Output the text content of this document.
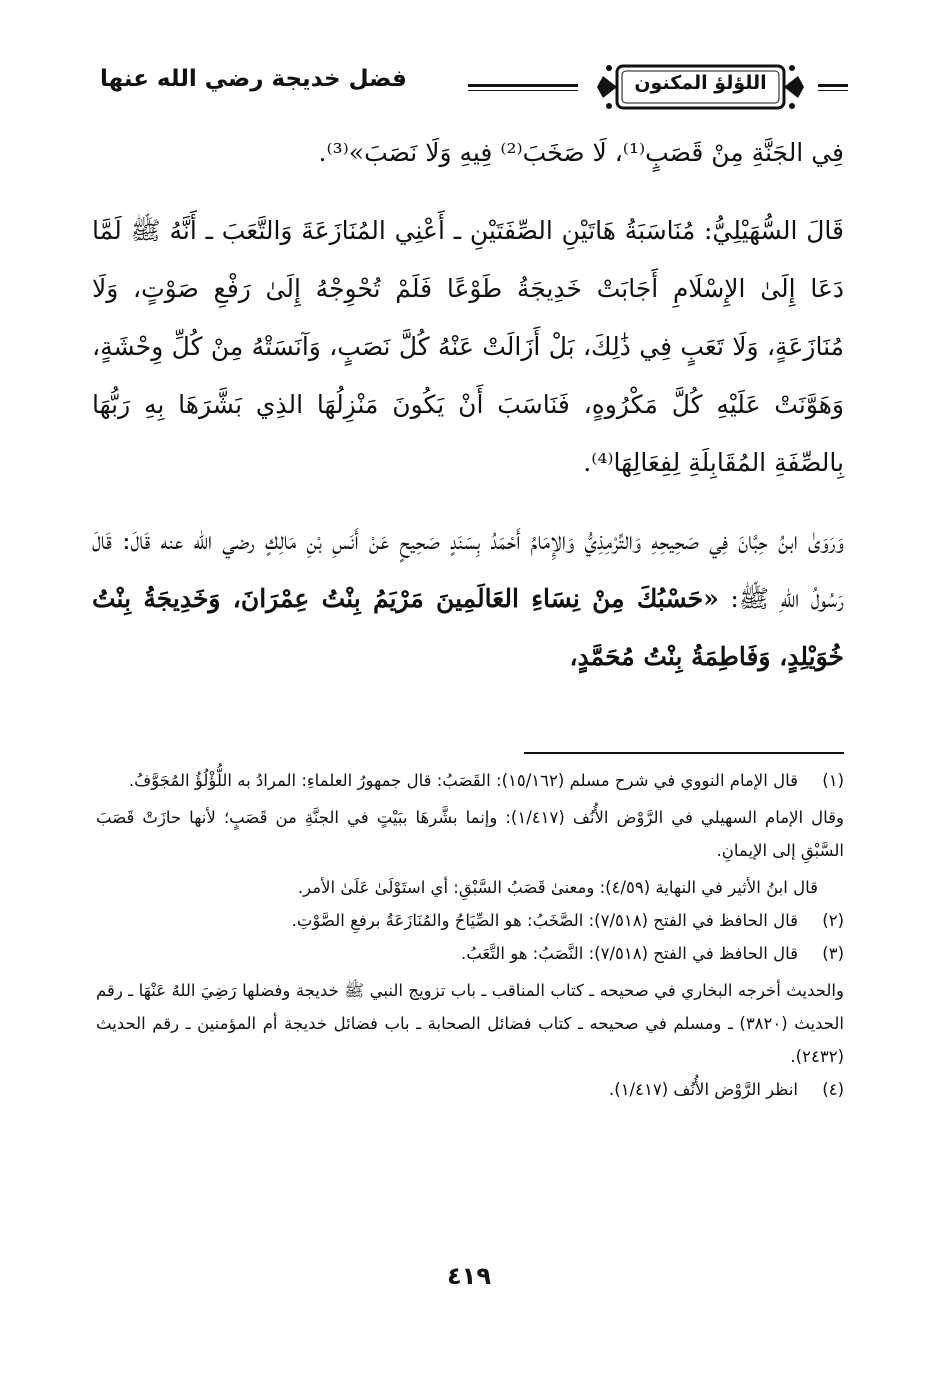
اللؤلؤ المكنون
فضل خديجة رضي الله عنها

فِي الجَنَّةِ مِنْ قَصَبٍ⁽¹⁾، لَا صَخَبَ⁽²⁾ فِيهِ وَلَا نَصَبَ»⁽³⁾.

قَالَ السُّهَيْلِيُّ: مُنَاسَبَةُ هَاتَيْنِ الصِّفَتَيْنِ ـ أَعْنِي المُنَازَعَةَ وَالتَّعَبَ ـ أَنَّهُ ﷺ لَمَّا دَعَا إِلَىٰ الإِسْلَامِ أَجَابَتْ خَدِيجَةُ طَوْعًا فَلَمْ تُحْوِجْهُ إِلَىٰ رَفْعِ صَوْتٍ، وَلَا مُنَازَعَةٍ، وَلَا تَعَبٍ فِي ذَٰلِكَ، بَلْ أَزَالَتْ عَنْهُ كُلَّ نَصَبٍ، وَآنَسَتْهُ مِنْ كُلِّ وِحْشَةٍ، وَهَوَّنَتْ عَلَيْهِ كُلَّ مَكْرُوهٍ، فَنَاسَبَ أَنْ يَكُونَ مَنْزِلُهَا الذِي بَشَّرَهَا بِهِ رَبُّهَا بِالصِّفَةِ المُقَابِلَةِ لِفِعَالِهَا⁽⁴⁾.

وَرَوَىٰ ابنُ حِبَّانَ فِي صَحِيحِهِ وَالتِّرْمِذِيُّ وَالإِمَامُ أَحْمَدُ بِسَنَدٍ صَحِيحٍ عَنْ أَنَسِ بْنِ مَالِكٍ رضي الله عنه قَالَ: قَالَ رَسُولُ اللهِ ﷺ: «حَسْبُكَ مِنْ نِسَاءِ العَالَمِينَ مَرْيَمُ بِنْتُ عِمْرَانَ، وَخَدِيجَةُ بِنْتُ خُوَيْلِدٍ، وَفَاطِمَةُ بِنْتُ مُحَمَّدٍ،

(١)
قال الإمام النووي في شرح مسلم (١٥/١٦٢): القَصَبُ: قال جمهورُ العلماءِ: المرادُ به اللُّؤْلُؤُ المُجَوَّفُ.
وقال الإمام السهيلي في الرَّوْض الأُنُف (١/٤١٧): وإنما بشَّرهَا ببَيْتٍ في الجنَّةِ من قَصَبٍ؛ لأنها حازَتْ قَصَبَ السَّبْقِ إلى الإيمانِ.
قال ابنُ الأثير في النهاية (٤/٥٩): ومعنىٰ قَصَبُ السَّبْقِ: أي استَوْلَىٰ عَلَىٰ الأمر.
(٢)
قال الحافظ في الفتح (٧/٥١٨): الصَّخَبُ: هو الصِّيَاحُ والمُنَازَعَةُ برفعِ الصَّوْتِ.
(٣)
قال الحافظ في الفتح (٧/٥١٨): النَّصَبُ: هو التَّعَبُ.
والحديث أخرجه البخاري في صحيحه ـ كتاب المناقب ـ باب تزويج النبي ﷺ خديجة وفضلها رَضِيَ اللهُ عَنْهَا ـ رقم الحديث (٣٨٢٠) ـ ومسلم في صحيحه ـ كتاب فضائل الصحابة ـ باب فضائل خديجة أم المؤمنين ـ رقم الحديث (٢٤٣٢).
(٤)
انظر الرَّوْض الأُنُف (١/٤١٧).
٤١٩
